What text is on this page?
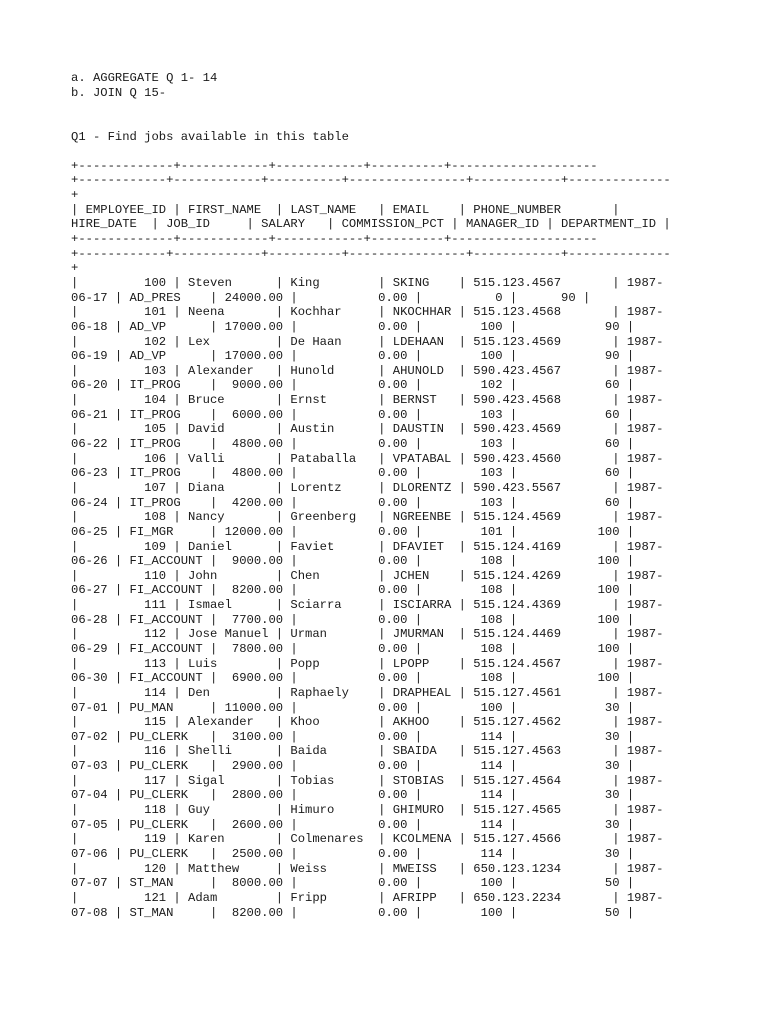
a. AGGREGATE Q 1- 14
b. JOIN Q 15-
Q1 - Find jobs available in this table
+-------------+------------+------------+----------+--------------------
+------------+------------+----------+----------------+------------+--------------
+
| EMPLOYEE_ID | FIRST_NAME  | LAST_NAME   | EMAIL    | PHONE_NUMBER       |
HIRE_DATE  | JOB_ID     | SALARY   | COMMISSION_PCT | MANAGER_ID | DEPARTMENT_ID |
+-------------+------------+------------+----------+--------------------
+------------+------------+----------+----------------+------------+--------------
+
|         100 | Steven      | King        | SKING    | 515.123.4567       | 1987-
06-17 | AD_PRES    | 24000.00 |           0.00 |          0 |      90 |
|         101 | Neena       | Kochhar     | NKOCHHAR | 515.123.4568       | 1987-
06-18 | AD_VP      | 17000.00 |           0.00 |        100 |            90 |
|         102 | Lex         | De Haan     | LDEHAAN  | 515.123.4569       | 1987-
06-19 | AD_VP      | 17000.00 |           0.00 |        100 |            90 |
|         103 | Alexander   | Hunold      | AHUNOLD  | 590.423.4567       | 1987-
06-20 | IT_PROG    |  9000.00 |           0.00 |        102 |            60 |
|         104 | Bruce       | Ernst       | BERNST   | 590.423.4568       | 1987-
06-21 | IT_PROG    |  6000.00 |           0.00 |        103 |            60 |
|         105 | David       | Austin      | DAUSTIN  | 590.423.4569       | 1987-
06-22 | IT_PROG    |  4800.00 |           0.00 |        103 |            60 |
|         106 | Valli       | Pataballa   | VPATABAL | 590.423.4560       | 1987-
06-23 | IT_PROG    |  4800.00 |           0.00 |        103 |            60 |
|         107 | Diana       | Lorentz     | DLORENTZ | 590.423.5567       | 1987-
06-24 | IT_PROG    |  4200.00 |           0.00 |        103 |            60 |
|         108 | Nancy       | Greenberg   | NGREENBE | 515.124.4569       | 1987-
06-25 | FI_MGR     | 12000.00 |           0.00 |        101 |           100 |
|         109 | Daniel      | Faviet      | DFAVIET  | 515.124.4169       | 1987-
06-26 | FI_ACCOUNT |  9000.00 |           0.00 |        108 |           100 |
|         110 | John        | Chen        | JCHEN    | 515.124.4269       | 1987-
06-27 | FI_ACCOUNT |  8200.00 |           0.00 |        108 |           100 |
|         111 | Ismael      | Sciarra     | ISCIARRA | 515.124.4369       | 1987-
06-28 | FI_ACCOUNT |  7700.00 |           0.00 |        108 |           100 |
|         112 | Jose Manuel | Urman       | JMURMAN  | 515.124.4469       | 1987-
06-29 | FI_ACCOUNT |  7800.00 |           0.00 |        108 |           100 |
|         113 | Luis        | Popp        | LPOPP    | 515.124.4567       | 1987-
06-30 | FI_ACCOUNT |  6900.00 |           0.00 |        108 |           100 |
|         114 | Den         | Raphaely    | DRAPHEAL | 515.127.4561       | 1987-
07-01 | PU_MAN     | 11000.00 |           0.00 |        100 |            30 |
|         115 | Alexander   | Khoo        | AKHOO    | 515.127.4562       | 1987-
07-02 | PU_CLERK   |  3100.00 |           0.00 |        114 |            30 |
|         116 | Shelli      | Baida       | SBAIDA   | 515.127.4563       | 1987-
07-03 | PU_CLERK   |  2900.00 |           0.00 |        114 |            30 |
|         117 | Sigal       | Tobias      | STOBIAS  | 515.127.4564       | 1987-
07-04 | PU_CLERK   |  2800.00 |           0.00 |        114 |            30 |
|         118 | Guy         | Himuro      | GHIMURO  | 515.127.4565       | 1987-
07-05 | PU_CLERK   |  2600.00 |           0.00 |        114 |            30 |
|         119 | Karen       | Colmenares  | KCOLMENA | 515.127.4566       | 1987-
07-06 | PU_CLERK   |  2500.00 |           0.00 |        114 |            30 |
|         120 | Matthew     | Weiss       | MWEISS   | 650.123.1234       | 1987-
07-07 | ST_MAN     |  8000.00 |           0.00 |        100 |            50 |
|         121 | Adam        | Fripp       | AFRIPP   | 650.123.2234       | 1987-
07-08 | ST_MAN     |  8200.00 |           0.00 |        100 |            50 |
